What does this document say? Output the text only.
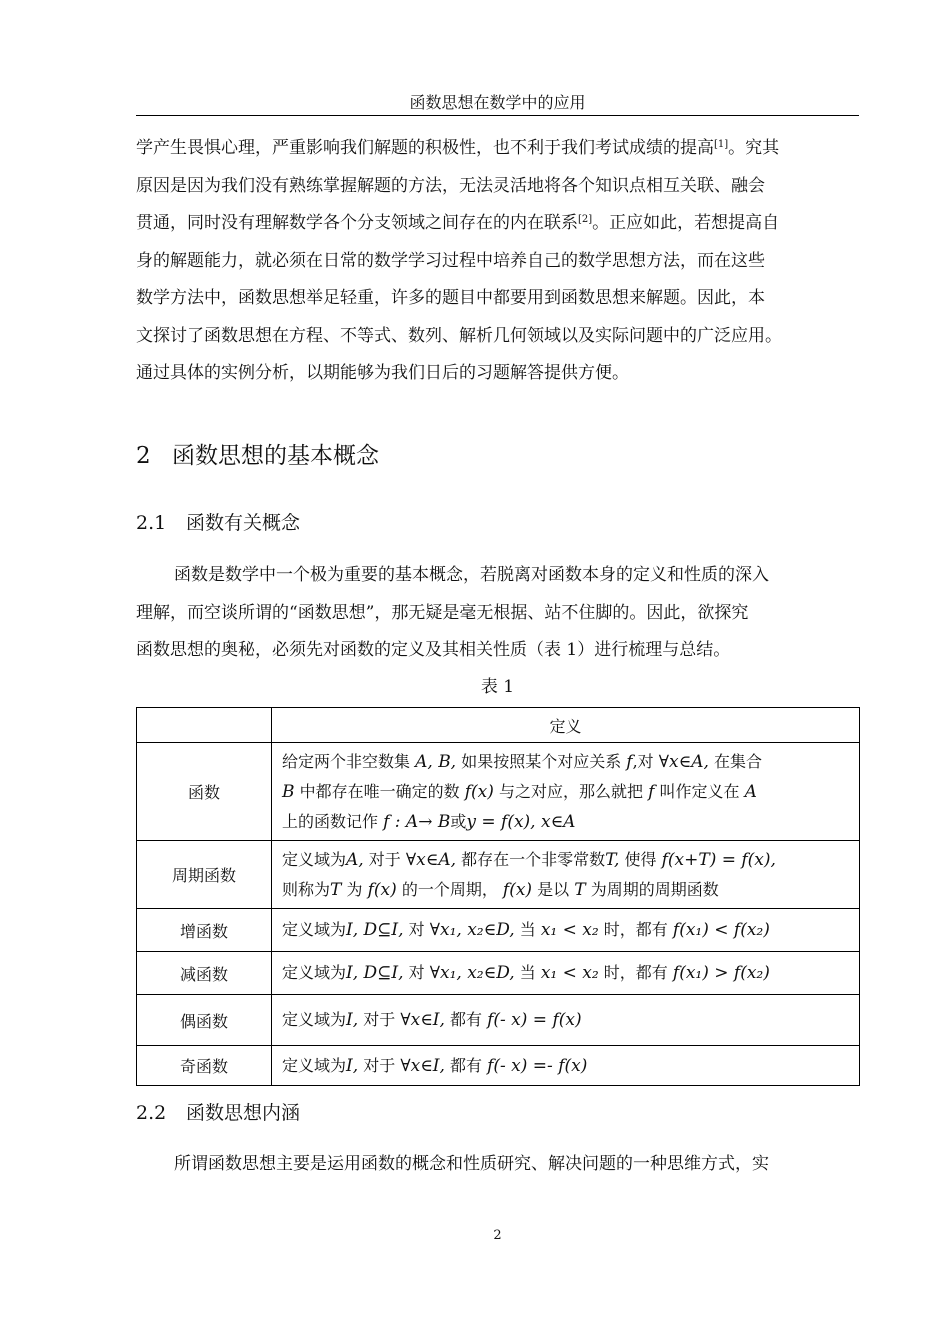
函数思想在数学中的应用
学产生畏惧心理，严重影响我们解题的积极性，也不利于我们考试成绩的提高[1]。究其
原因是因为我们没有熟练掌握解题的方法，无法灵活地将各个知识点相互关联、融会
贯通，同时没有理解数学各个分支领域之间存在的内在联系[2]。正应如此，若想提高自
身的解题能力，就必须在日常的数学学习过程中培养自己的数学思想方法，而在这些
数学方法中，函数思想举足轻重，许多的题目中都要用到函数思想来解题。因此，本
文探讨了函数思想在方程、不等式、数列、解析几何领域以及实际问题中的广泛应用。
通过具体的实例分析，以期能够为我们日后的习题解答提供方便。
2 函数思想的基本概念
2.1 函数有关概念
函数是数学中一个极为重要的基本概念，若脱离对函数本身的定义和性质的深入
理解，而空谈所谓的“函数思想”，那无疑是毫无根据、站不住脚的。因此，欲探究
函数思想的奥秘，必须先对函数的定义及其相关性质（表 1）进行梳理与总结。
表 1
	定义
函数	给定两个非空数集 A, B, 如果按照某个对应关系 f,对 ∀x∈A, 在集合
B 中都存在唯一确定的数 f(x) 与之对应，那么就把 f 叫作定义在 A
上的函数记作 f : A→ B或y = f(x), x∈A

周期函数	定义域为A, 对于 ∀x∈A, 都存在一个非零常数T, 使得 f(x+T) = f(x),
则称为T 为 f(x) 的一个周期， f(x) 是以 T 为周期的周期函数

增函数	定义域为I, D⊆I, 对 ∀x₁, x₂∈D, 当 x₁ < x₂ 时，都有 f(x₁) < f(x₂)

减函数	定义域为I, D⊆I, 对 ∀x₁, x₂∈D, 当 x₁ < x₂ 时，都有 f(x₁) > f(x₂)

偶函数	定义域为I, 对于 ∀x∈I, 都有 f(- x) = f(x)

奇函数	定义域为I, 对于 ∀x∈I, 都有 f(- x) =- f(x)
2.2 函数思想内涵
所谓函数思想主要是运用函数的概念和性质研究、解决问题的一种思维方式，实
2
